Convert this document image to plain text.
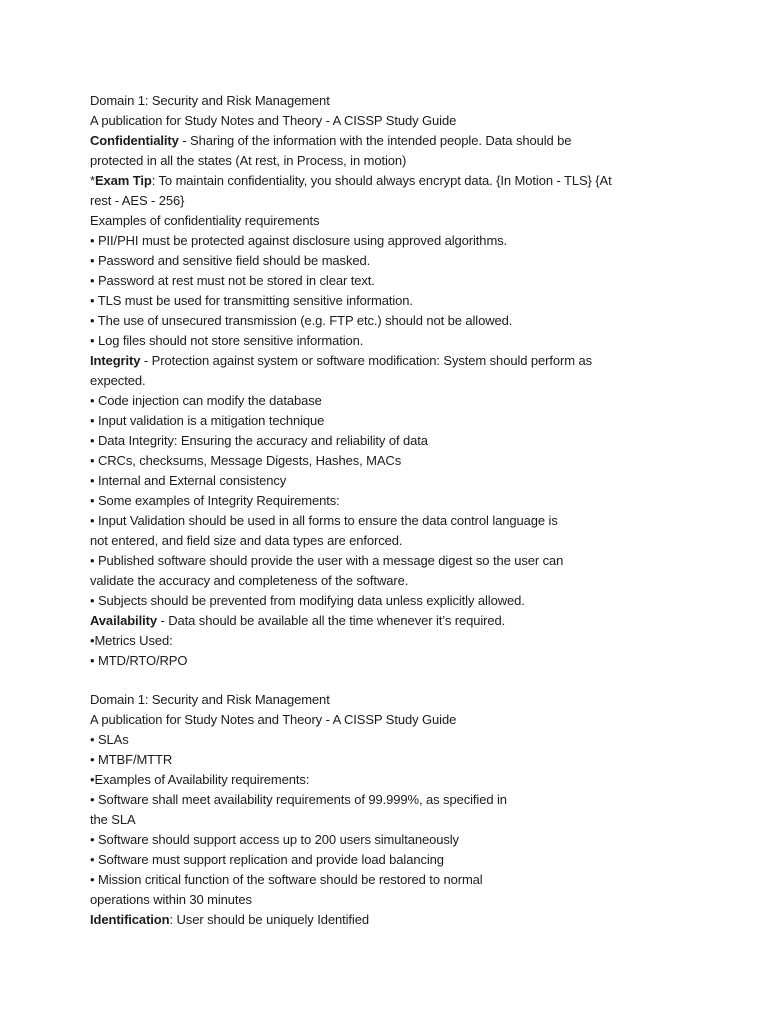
Domain 1: Security and Risk Management

A publication for Study Notes and Theory - A CISSP Study Guide

Confidentiality - Sharing of the information with the intended people. Data should be

protected in all the states (At rest, in Process, in motion)

*Exam Tip: To maintain confidentiality, you should always encrypt data. {In Motion - TLS} {At

rest - AES - 256}

Examples of confidentiality requirements

• PII/PHI must be protected against disclosure using approved algorithms.

• Password and sensitive field should be masked.

• Password at rest must not be stored in clear text.

• TLS must be used for transmitting sensitive information.

• The use of unsecured transmission (e.g. FTP etc.) should not be allowed.

• Log files should not store sensitive information.

Integrity - Protection against system or software modification: System should perform as

expected.

• Code injection can modify the database

• Input validation is a mitigation technique

• Data Integrity: Ensuring the accuracy and reliability of data

• CRCs, checksums, Message Digests, Hashes, MACs

• Internal and External consistency

• Some examples of Integrity Requirements:

• Input Validation should be used in all forms to ensure the data control language is

not entered, and field size and data types are enforced.

• Published software should provide the user with a message digest so the user can

validate the accuracy and completeness of the software.

• Subjects should be prevented from modifying data unless explicitly allowed.

Availability - Data should be available all the time whenever it’s required.

•Metrics Used:

• MTD/RTO/RPO

Domain 1: Security and Risk Management

A publication for Study Notes and Theory - A CISSP Study Guide

• SLAs

• MTBF/MTTR

•Examples of Availability requirements:

• Software shall meet availability requirements of 99.999%, as specified in

the SLA

• Software should support access up to 200 users simultaneously

• Software must support replication and provide load balancing

• Mission critical function of the software should be restored to normal

operations within 30 minutes

Identification: User should be uniquely Identified
